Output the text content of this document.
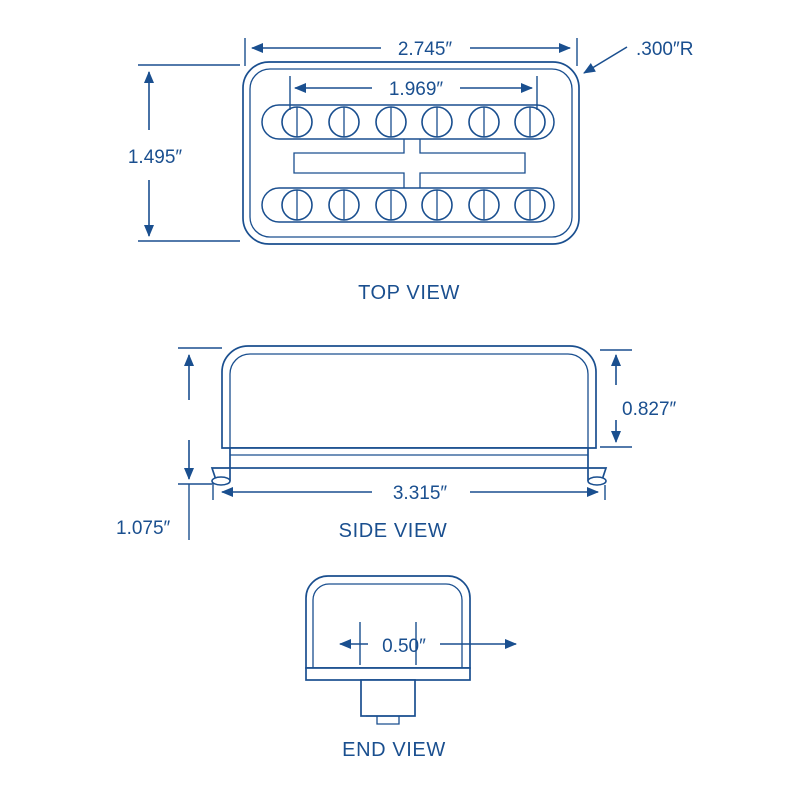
2.745″
1.969″
1.495″
.300″R
TOP VIEW
0.827″
3.315″
1.075″	SIDE VIEW
0.50″
END VIEW
